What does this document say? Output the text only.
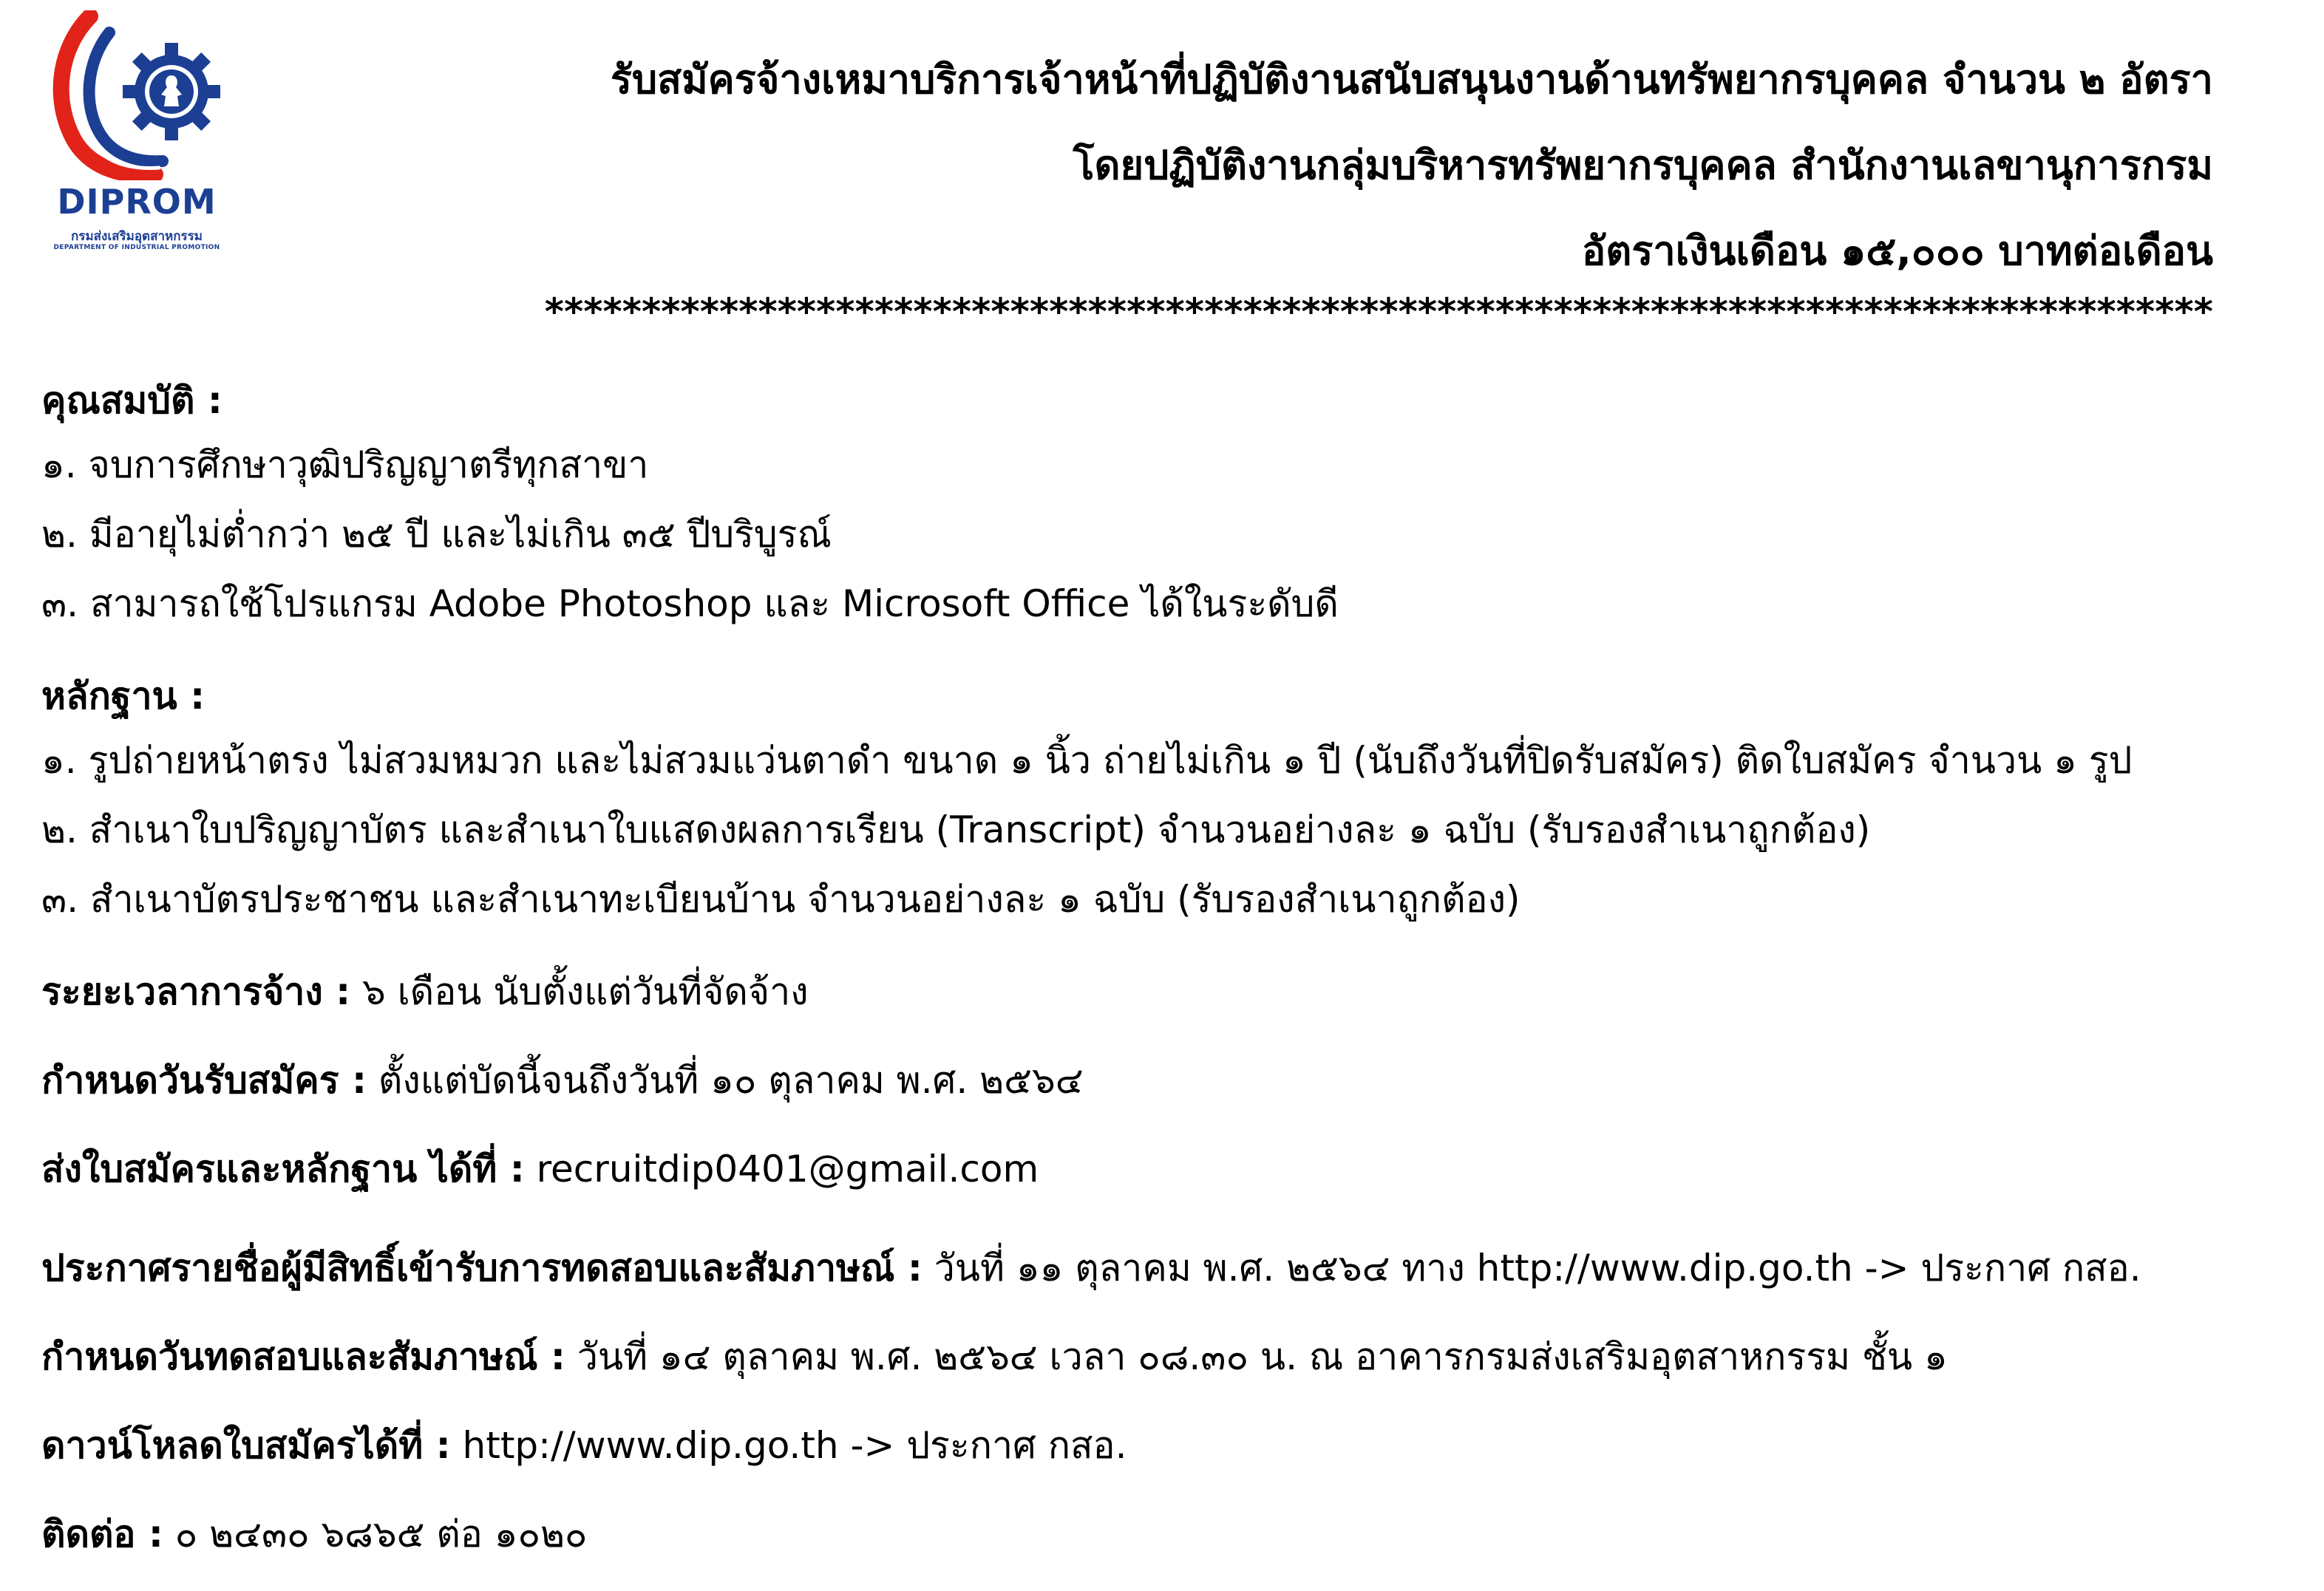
DIPROM
กรมส่งเสริมอุตสาหกรรม
DEPARTMENT OF INDUSTRIAL PROMOTION
รับสมัครจ้างเหมาบริการเจ้าหน้าที่ปฏิบัติงานสนับสนุนงานด้านทรัพยากรบุคคล จำนวน ๒ อัตรา
โดยปฏิบัติงานกลุ่มบริหารทรัพยากรบุคคล สำนักงานเลขานุการกรม
อัตราเงินเดือน ๑๕,๐๐๐ บาทต่อเดือน
**************************************************************************************
คุณสมบัติ :
๑. จบการศึกษาวุฒิปริญญาตรีทุกสาขา
๒. มีอายุไม่ต่ำกว่า ๒๕ ปี และไม่เกิน ๓๕ ปีบริบูรณ์
๓. สามารถใช้โปรแกรม Adobe Photoshop และ Microsoft Office ได้ในระดับดี
หลักฐาน :
๑. รูปถ่ายหน้าตรง ไม่สวมหมวก และไม่สวมแว่นตาดำ ขนาด ๑ นิ้ว ถ่ายไม่เกิน ๑ ปี (นับถึงวันที่ปิดรับสมัคร) ติดใบสมัคร จำนวน ๑ รูป
๒. สำเนาใบปริญญาบัตร และสำเนาใบแสดงผลการเรียน (Transcript) จำนวนอย่างละ ๑ ฉบับ (รับรองสำเนาถูกต้อง)
๓. สำเนาบัตรประชาชน และสำเนาทะเบียนบ้าน จำนวนอย่างละ ๑ ฉบับ (รับรองสำเนาถูกต้อง)
ระยะเวลาการจ้าง : ๖ เดือน นับตั้งแต่วันที่จัดจ้าง
กำหนดวันรับสมัคร : ตั้งแต่บัดนี้จนถึงวันที่ ๑๐ ตุลาคม พ.ศ. ๒๕๖๔
ส่งใบสมัครและหลักฐาน ได้ที่ : recruitdip0401@gmail.com
ประกาศรายชื่อผู้มีสิทธิ์เข้ารับการทดสอบและสัมภาษณ์ : วันที่ ๑๑ ตุลาคม พ.ศ. ๒๕๖๔ ทาง http://www.dip.go.th -> ประกาศ กสอ.
กำหนดวันทดสอบและสัมภาษณ์ : วันที่ ๑๔ ตุลาคม พ.ศ. ๒๕๖๔ เวลา ๐๘.๓๐ น. ณ อาคารกรมส่งเสริมอุตสาหกรรม ชั้น ๑
ดาวน์โหลดใบสมัครได้ที่ : http://www.dip.go.th -> ประกาศ กสอ.
ติดต่อ : ๐ ๒๔๓๐ ๖๘๖๕ ต่อ ๑๐๒๐
